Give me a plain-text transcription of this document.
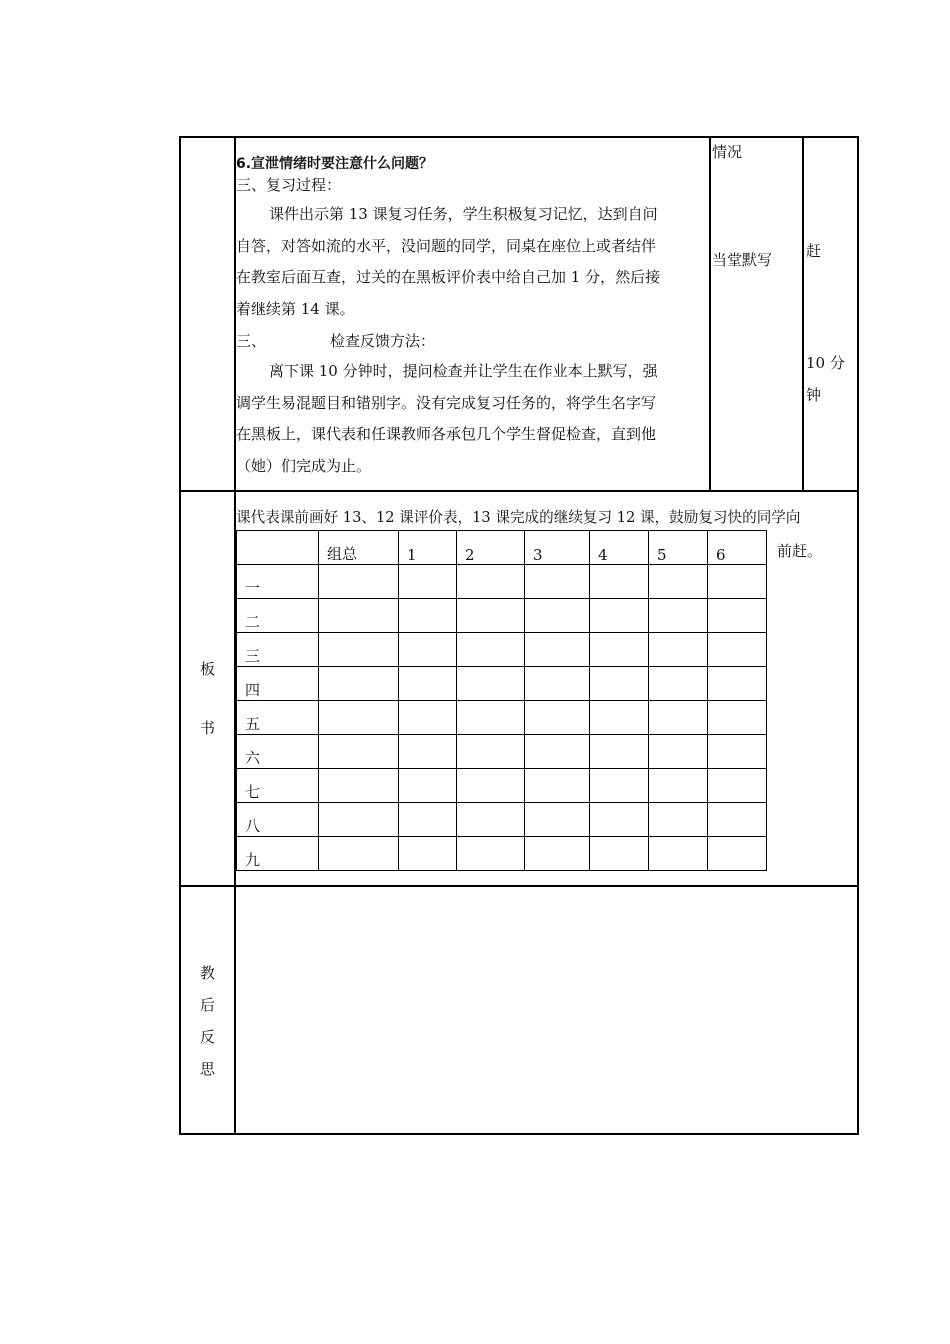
6.宣泄情绪时要注意什么问题？
三、复习过程：

课件出示第 13 课复习任务，学生积极复习记忆，达到自问

自答，对答如流的水平，没问题的同学，同桌在座位上或者结伴

在教室后面互查，过关的在黑板评价表中给自己加 1 分，然后接

着继续第 14 课。

三、	检查反馈方法：

离下课 10 分钟时，提问检查并让学生在作业本上默写，强

调学生易混题目和错别字。没有完成复习任务的，将学生名字写

在黑板上，课代表和任课教师各承包几个学生督促检查，直到他

（她）们完成为止。

情况
当堂默写 赶
10 分
钟
板
书
课代表课前画好 13、12 课评价表，13 课完成的继续复习 12 课，鼓励复习快的同学向
前赶。
	组总	1	2	3	4	5	6
一							
二							
三							
四							
五							
六							
七							
八							
九							
教
后
反
思
